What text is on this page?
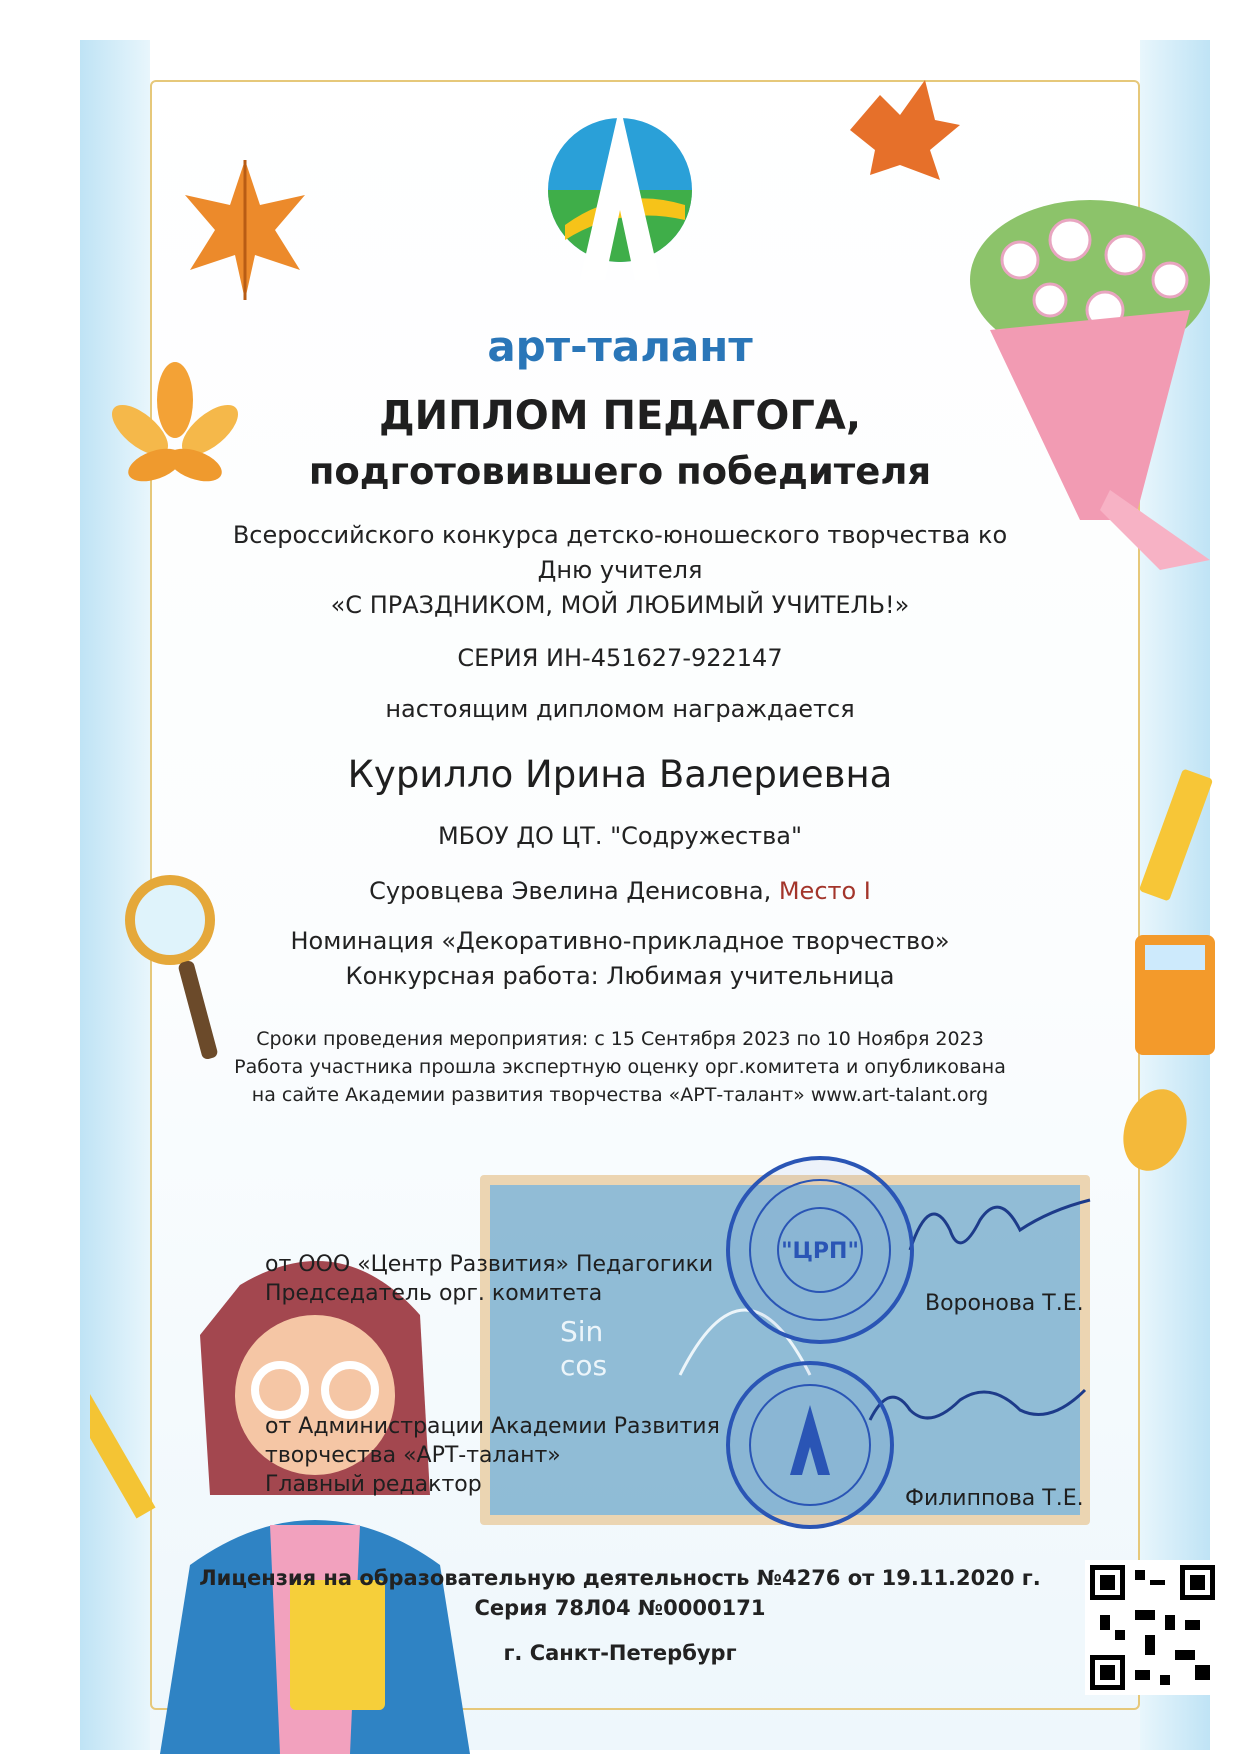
арт-талант
ДИПЛОМ ПЕДАГОГА,
подготовившего победителя
Всероссийского конкурса детско-юношеского творчества ко
Дню учителя
«С ПРАЗДНИКОМ, МОЙ ЛЮБИМЫЙ УЧИТЕЛЬ!»
СЕРИЯ ИН-451627-922147
настоящим дипломом награждается
Курилло Ирина Валериевна
МБОУ ДО ЦТ. "Содружества"
Суровцева Эвелина Денисовна, Место I
Номинация «Декоративно-прикладное творчество»
Конкурсная работа: Любимая учительница
Сроки проведения мероприятия: с 15 Сентября 2023 по 10 Ноября 2023
Работа участника прошла экспертную оценку орг.комитета и опубликована
на сайте Академии развития творчества «АРТ-талант» www.art-talant.org
Sin
cos
от ООО «Центр Развития» Педагогики
Председатель орг. комитета	Воронова Т.Е.
от Администрации Академии Развития
творчества «АРТ-талант»
Главный редактор
Филиппова Т.Е.
"ЦРП"
Лицензия на образовательную деятельность №4276 от 19.11.2020 г.
Серия 78Л04 №0000171
г. Санкт-Петербург
